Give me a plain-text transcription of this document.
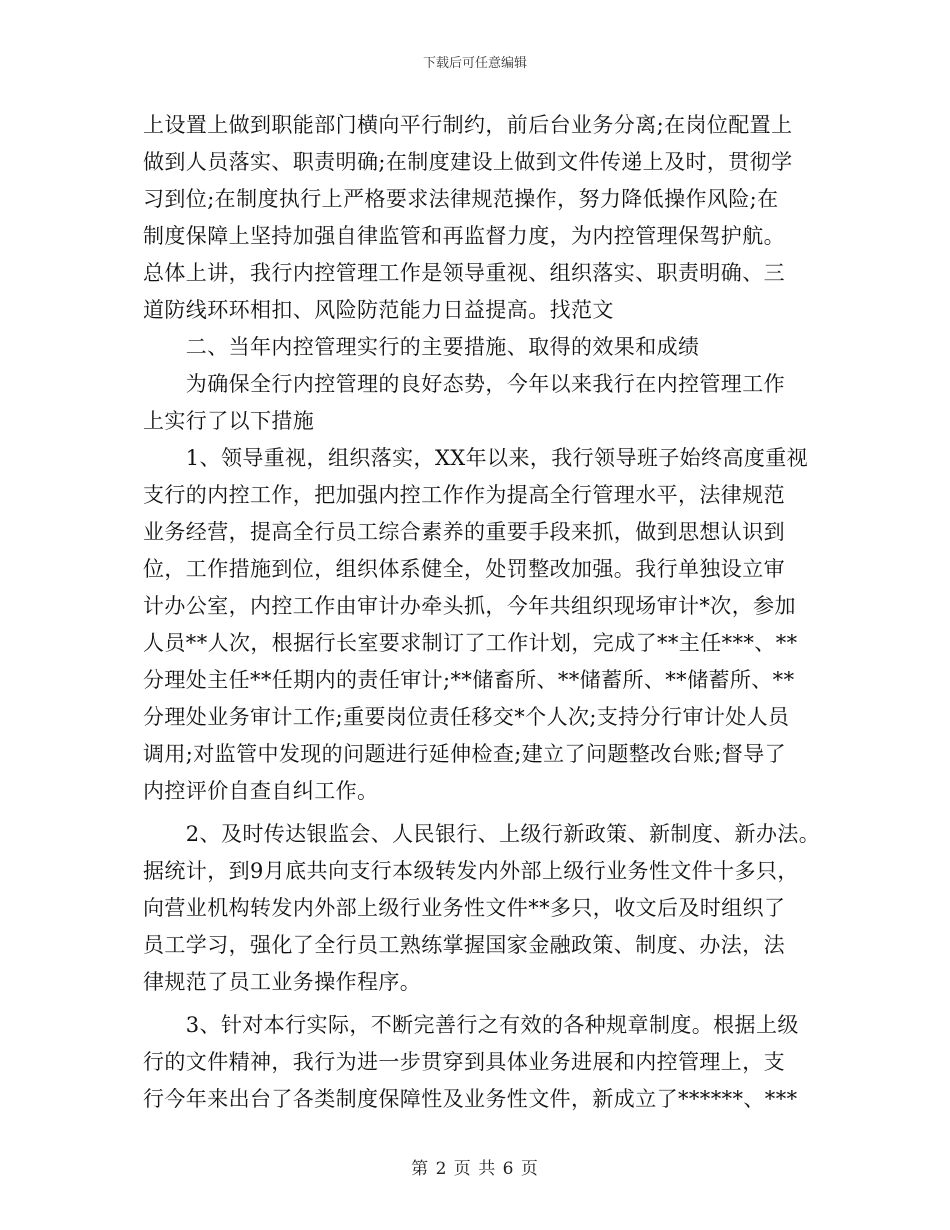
下载后可任意编辑
上设置上做到职能部门横向平行制约，前后台业务分离;在岗位配置上
做到人员落实、职责明确;在制度建设上做到文件传递上及时，贯彻学
习到位;在制度执行上严格要求法律规范操作，努力降低操作风险;在
制度保障上坚持加强自律监管和再监督力度，为内控管理保驾护航。
总体上讲，我行内控管理工作是领导重视、组织落实、职责明确、三
道防线环环相扣、风险防范能力日益提高。找范文
　　二、当年内控管理实行的主要措施、取得的效果和成绩
　　为确保全行内控管理的良好态势，今年以来我行在内控管理工作
上实行了以下措施
　　1、领导重视，组织落实，XX年以来，我行领导班子始终高度重视
支行的内控工作，把加强内控工作作为提高全行管理水平，法律规范
业务经营，提高全行员工综合素养的重要手段来抓，做到思想认识到
位，工作措施到位，组织体系健全，处罚整改加强。我行单独设立审
计办公室，内控工作由审计办牵头抓，今年共组织现场审计*次，参加
人员**人次，根据行长室要求制订了工作计划，完成了**主任***、**
分理处主任**任期内的责任审计;**储畜所、**储蓄所、**储蓄所、**
分理处业务审计工作;重要岗位责任移交*个人次;支持分行审计处人员
调用;对监管中发现的问题进行延伸检查;建立了问题整改台账;督导了
内控评价自查自纠工作。
　　2、及时传达银监会、人民银行、上级行新政策、新制度、新办法。
据统计，到9月底共向支行本级转发内外部上级行业务性文件十多只，
向营业机构转发内外部上级行业务性文件**多只，收文后及时组织了
员工学习，强化了全行员工熟练掌握国家金融政策、制度、办法，法
律规范了员工业务操作程序。
　　3、针对本行实际，不断完善行之有效的各种规章制度。根据上级
行的文件精神，我行为进一步贯穿到具体业务进展和内控管理上，支
行今年来出台了各类制度保障性及业务性文件，新成立了******、***
第 2 页 共 6 页
